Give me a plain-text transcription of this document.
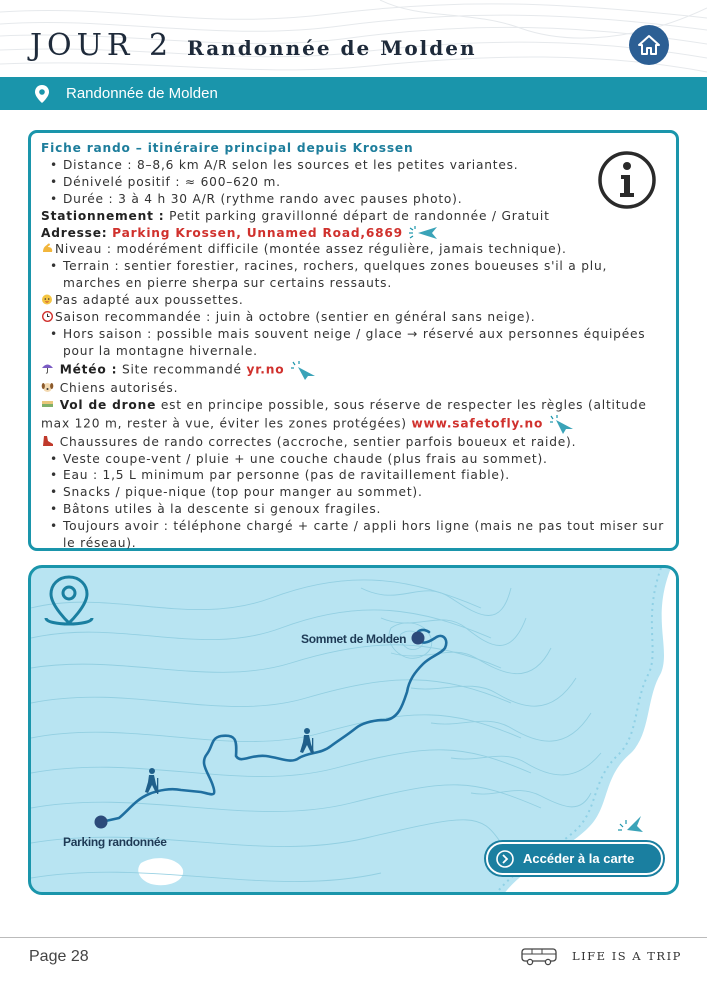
JOUR 2 Randonnée de Molden
Randonnée de Molden
Fiche rando – itinéraire principal depuis Krossen
• Distance : 8–8,6 km A/R selon les sources et les petites variantes.
• Dénivelé positif : ≈ 600–620 m.
• Durée : 3 à 4 h 30 A/R (rythme rando avec pauses photo).
Stationnement : Petit parking gravillonné départ de randonnée / Gratuit
Adresse: Parking Krossen, Unnamed Road,6869
Niveau : modérément difficile (montée assez régulière, jamais technique).
• Terrain : sentier forestier, racines, rochers, quelques zones boueuses s'il a plu, marches en pierre sherpa sur certains ressauts.
Pas adapté aux poussettes.
Saison recommandée : juin à octobre (sentier en général sans neige).
• Hors saison : possible mais souvent neige / glace → réservé aux personnes équipées pour la montagne hivernale.
Météo : Site recommandé yr.no
Chiens autorisés.
Vol de drone est en principe possible, sous réserve de respecter les règles (altitude max 120 m, rester à vue, éviter les zones protégées) www.safetofly.no
Chaussures de rando correctes (accroche, sentier parfois boueux et raide).
• Veste coupe-vent / pluie + une couche chaude (plus frais au sommet).
• Eau : 1,5 L minimum par personne (pas de ravitaillement fiable).
• Snacks / pique-nique (top pour manger au sommet).
• Bâtons utiles à la descente si genoux fragiles.
• Toujours avoir : téléphone chargé + carte / appli hors ligne (mais ne pas tout miser sur le réseau).
Sommet de Molden
Parking randonnée
Accéder à la carte
Page 28	LIFE IS A TRIP
